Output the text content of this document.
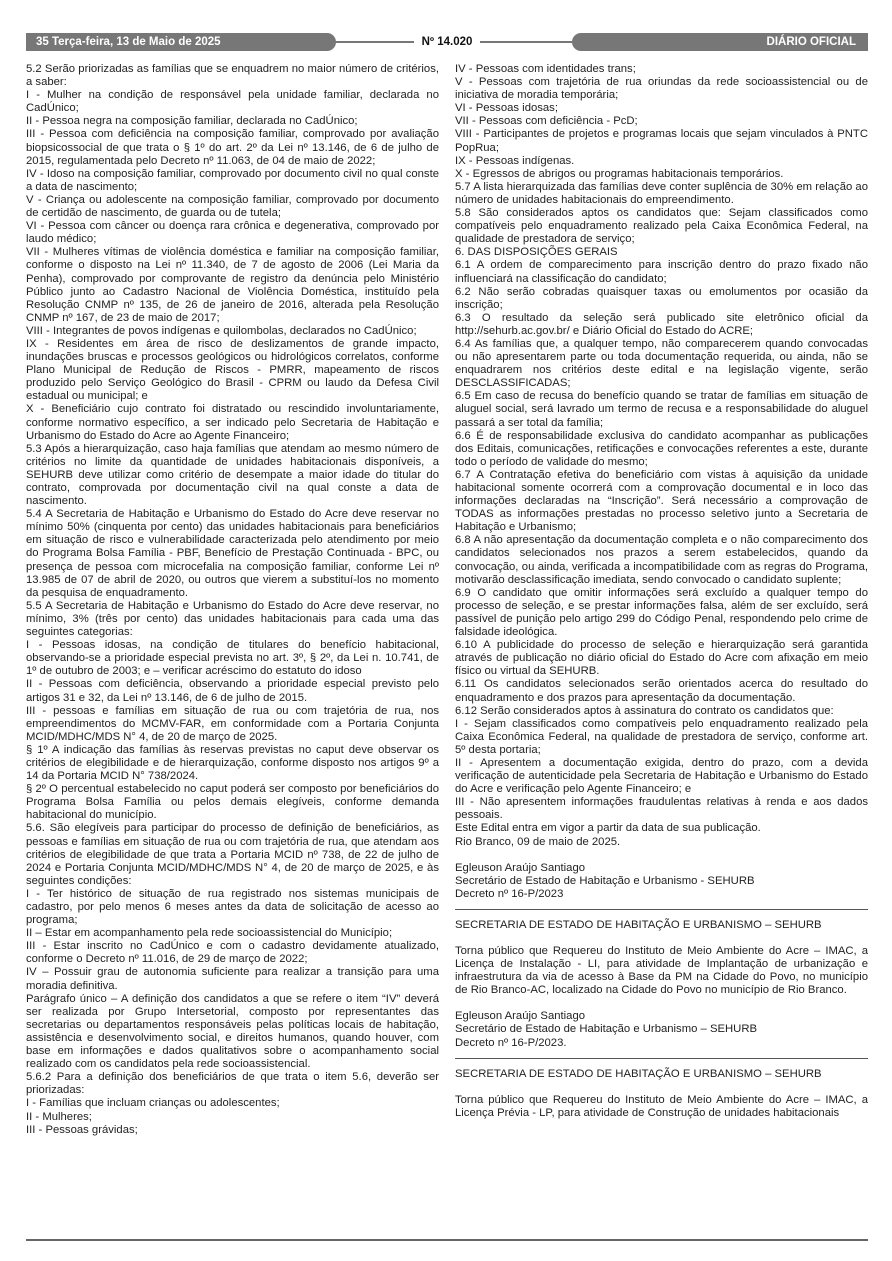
35 Terça-feira, 13 de Maio de 2025	Nº 14.020	DIÁRIO OFICIAL

5.2 Serão priorizadas as famílias que se enquadrem no maior número de critérios, a saber:

I - Mulher na condição de responsável pela unidade familiar, declarada no CadÚnico;

II - Pessoa negra na composição familiar, declarada no CadÚnico;

III - Pessoa com deficiência na composição familiar, comprovado por avaliação biopsicossocial de que trata o § 1º do art. 2º da Lei nº 13.146, de 6 de julho de 2015, regulamentada pelo Decreto nº 11.063, de 04 de maio de 2022;

IV - Idoso na composição familiar, comprovado por documento civil no qual conste a data de nascimento;

V - Criança ou adolescente na composição familiar, comprovado por documento de certidão de nascimento, de guarda ou de tutela;

VI - Pessoa com câncer ou doença rara crônica e degenerativa, comprovado por laudo médico;

VII - Mulheres vítimas de violência doméstica e familiar na composição familiar, conforme o disposto na Lei nº 11.340, de 7 de agosto de 2006 (Lei Maria da Penha), comprovado por comprovante de registro da denúncia pelo Ministério Público junto ao Cadastro Nacional de Violência Doméstica, instituído pela Resolução CNMP nº 135, de 26 de janeiro de 2016, alterada pela Resolução CNMP nº 167, de 23 de maio de 2017;

VIII - Integrantes de povos indígenas e quilombolas, declarados no CadÚnico;

IX - Residentes em área de risco de deslizamentos de grande impacto, inundações bruscas e processos geológicos ou hidrológicos correlatos, conforme Plano Municipal de Redução de Riscos - PMRR, mapeamento de riscos produzido pelo Serviço Geológico do Brasil - CPRM ou laudo da Defesa Civil estadual ou municipal; e

X - Beneficiário cujo contrato foi distratado ou rescindido involuntariamente, conforme normativo específico, a ser indicado pelo Secretaria de Habitação e Urbanismo do Estado do Acre ao Agente Financeiro;

5.3 Após a hierarquização, caso haja famílias que atendam ao mesmo número de critérios no limite da quantidade de unidades habitacionais disponíveis, a SEHURB deve utilizar como critério de desempate a maior idade do titular do contrato, comprovada por documentação civil na qual conste a data de nascimento.

5.4 A Secretaria de Habitação e Urbanismo do Estado do Acre deve reservar no mínimo 50% (cinquenta por cento) das unidades habitacionais para beneficiários em situação de risco e vulnerabilidade caracterizada pelo atendimento por meio do Programa Bolsa Família - PBF, Benefício de Prestação Continuada - BPC, ou presença de pessoa com microcefalia na composição familiar, conforme Lei nº 13.985 de 07 de abril de 2020, ou outros que vierem a substituí-los no momento da pesquisa de enquadramento.

5.5 A Secretaria de Habitação e Urbanismo do Estado do Acre deve reservar, no mínimo, 3% (três por cento) das unidades habitacionais para cada uma das seguintes categorias:

I - Pessoas idosas, na condição de titulares do benefício habitacional, observando-se a prioridade especial prevista no art. 3º, § 2º, da Lei n. 10.741, de 1º de outubro de 2003; e – verificar acréscimo do estatuto do idoso

II - Pessoas com deficiência, observando a prioridade especial previsto pelo artigos 31 e 32, da Lei nº 13.146, de 6 de julho de 2015.

III - pessoas e famílias em situação de rua ou com trajetória de rua, nos empreendimentos do MCMV-FAR, em conformidade com a Portaria Conjunta MCID/MDHC/MDS N° 4, de 20 de março de 2025.

§ 1º A indicação das famílias às reservas previstas no caput deve observar os critérios de elegibilidade e de hierarquização, conforme disposto nos artigos 9º a 14 da Portaria MCID N° 738/2024.

§ 2º O percentual estabelecido no caput poderá ser composto por beneficiários do Programa Bolsa Família ou pelos demais elegíveis, conforme demanda habitacional do município.

5.6. São elegíveis para participar do processo de definição de beneficiários, as pessoas e famílias em situação de rua ou com trajetória de rua, que atendam aos critérios de elegibilidade de que trata a Portaria MCID nº 738, de 22 de julho de 2024 e Portaria Conjunta MCID/MDHC/MDS N° 4, de 20 de março de 2025, e às seguintes condições:

I - Ter histórico de situação de rua registrado nos sistemas municipais de cadastro, por pelo menos 6 meses antes da data de solicitação de acesso ao programa;

II – Estar em acompanhamento pela rede socioassistencial do Município;

III - Estar inscrito no CadÚnico e com o cadastro devidamente atualizado, conforme o Decreto nº 11.016, de 29 de março de 2022;

IV – Possuir grau de autonomia suficiente para realizar a transição para uma moradia definitiva.

Parágrafo único – A definição dos candidatos a que se refere o item “IV” deverá ser realizada por Grupo Intersetorial, composto por representantes das secretarias ou departamentos responsáveis pelas políticas locais de habitação, assistência e desenvolvimento social, e direitos humanos, quando houver, com base em informações e dados qualitativos sobre o acompanhamento social realizado com os candidatos pela rede socioassistencial.

5.6.2 Para a definição dos beneficiários de que trata o item 5.6, deverão ser priorizadas:

I - Famílias que incluam crianças ou adolescentes;

II - Mulheres;

III - Pessoas grávidas;

IV - Pessoas com identidades trans;

V - Pessoas com trajetória de rua oriundas da rede socioassistencial ou de iniciativa de moradia temporária;

VI - Pessoas idosas;

VII - Pessoas com deficiência - PcD;

VIII - Participantes de projetos e programas locais que sejam vinculados à PNTC PopRua;

IX - Pessoas indígenas.

X - Egressos de abrigos ou programas habitacionais temporários.

5.7 A lista hierarquizada das famílias deve conter suplência de 30% em relação ao número de unidades habitacionais do empreendimento.

5.8 São considerados aptos os candidatos que: Sejam classificados como compatíveis pelo enquadramento realizado pela Caixa Econômica Federal, na qualidade de prestadora de serviço;

6. DAS DISPOSIÇÕES GERAIS

6.1 A ordem de comparecimento para inscrição dentro do prazo fixado não influenciará na classificação do candidato;

6.2 Não serão cobradas quaisquer taxas ou emolumentos por ocasião da inscrição;

6.3 O resultado da seleção será publicado site eletrônico oficial da http://sehurb.ac.gov.br/ e Diário Oficial do Estado do ACRE;

6.4 As famílias que, a qualquer tempo, não comparecerem quando convocadas ou não apresentarem parte ou toda documentação requerida, ou ainda, não se enquadrarem nos critérios deste edital e na legislação vigente, serão DESCLASSIFICADAS;

6.5 Em caso de recusa do benefício quando se tratar de famílias em situação de aluguel social, será lavrado um termo de recusa e a responsabilidade do aluguel passará a ser total da família;

6.6 É de responsabilidade exclusiva do candidato acompanhar as publicações dos Editais, comunicações, retificações e convocações referentes a este, durante todo o período de validade do mesmo;

6.7 A Contratação efetiva do beneficiário com vistas à aquisição da unidade habitacional somente ocorrerá com a comprovação documental e in loco das informações declaradas na “Inscrição”. Será necessário a comprovação de TODAS as informações prestadas no processo seletivo junto a Secretaria de Habitação e Urbanismo;

6.8 A não apresentação da documentação completa e o não comparecimento dos candidatos selecionados nos prazos a serem estabelecidos, quando da convocação, ou ainda, verificada a incompatibilidade com as regras do Programa, motivarão desclassificação imediata, sendo convocado o candidato suplente;

6.9 O candidato que omitir informações será excluído a qualquer tempo do processo de seleção, e se prestar informações falsa, além de ser excluído, será passível de punição pelo artigo 299 do Código Penal, respondendo pelo crime de falsidade ideológica.

6.10 A publicidade do processo de seleção e hierarquização será garantida através de publicação no diário oficial do Estado do Acre com afixação em meio físico ou virtual da SEHURB.

6.11 Os candidatos selecionados serão orientados acerca do resultado do enquadramento e dos prazos para apresentação da documentação.

6.12 Serão considerados aptos à assinatura do contrato os candidatos que:

I - Sejam classificados como compatíveis pelo enquadramento realizado pela Caixa Econômica Federal, na qualidade de prestadora de serviço, conforme art. 5º desta portaria;

II - Apresentem a documentação exigida, dentro do prazo, com a devida verificação de autenticidade pela Secretaria de Habitação e Urbanismo do Estado do Acre e verificação pelo Agente Financeiro; e

III - Não apresentem informações fraudulentas relativas à renda e aos dados pessoais.

Este Edital entra em vigor a partir da data de sua publicação.

Rio Branco, 09 de maio de 2025.

Egleuson Araújo Santiago

Secretário de Estado de Habitação e Urbanismo - SEHURB

Decreto nº 16-P/2023

SECRETARIA DE ESTADO DE HABITAÇÃO E URBANISMO – SEHURB

Torna público que Requereu do Instituto de Meio Ambiente do Acre – IMAC, a Licença de Instalação - LI, para atividade de Implantação de urbanização e infraestrutura da via de acesso à Base da PM na Cidade do Povo, no município de Rio Branco-AC, localizado na Cidade do Povo no município de Rio Branco.

Egleuson Araújo Santiago

Secretário de Estado de Habitação e Urbanismo – SEHURB

Decreto nº 16-P/2023.

SECRETARIA DE ESTADO DE HABITAÇÃO E URBANISMO – SEHURB

Torna público que Requereu do Instituto de Meio Ambiente do Acre – IMAC, a Licença Prévia - LP, para atividade de Construção de unidades habitacionais
